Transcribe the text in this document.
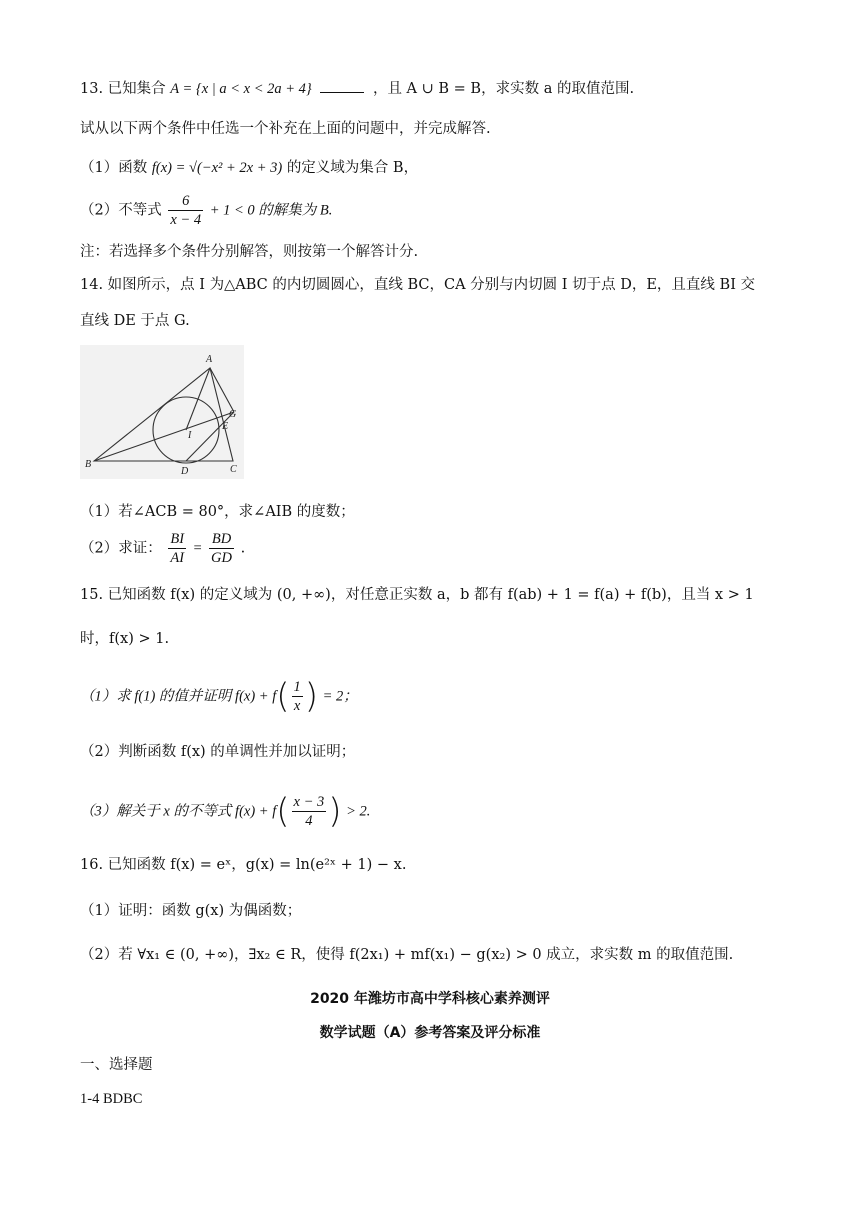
13. 已知集合 A = {x | a < x < 2a + 4}	，且 A ∪ B = B，求实数 a 的取值范围.
试从以下两个条件中任选一个补充在上面的问题中，并完成解答.
（1）函数 f(x) = √(−x² + 2x + 3) 的定义域为集合 B，
（2）不等式 $\frac{6}{x - 4} + 1 < 0$ 的解集为 B.
注：若选择多个条件分别解答，则按第一个解答计分.
14. 如图所示，点 I 为△ABC 的内切圆圆心，直线 BC，CA 分别与内切圆 I 切于点 D，E，且直线 BI 交
直线 DE 于点 G.
A
B	C
D
E
G
I
（1）若∠ACB = 80°，求∠AIB 的度数；
（2）求证： $\frac{BI}{AI} = \frac{BD}{GD}$ .
15. 已知函数 f(x) 的定义域为 (0, +∞)，对任意正实数 a，b 都有 f(ab) + 1 = f(a) + f(b)，且当 x > 1
时，f(x) > 1.
（1）求 f(1) 的值并证明 $f(x) + f( \frac{1}{x}$ ) = 2；
（2）判断函数 f(x) 的单调性并加以证明；
（3）解关于 x 的不等式 $f(x) + f( \frac{x - 3}{4}$ ) > 2.
16. 已知函数 f(x) = eˣ，g(x) = ln(e²ˣ + 1) − x.
（1）证明：函数 g(x) 为偶函数；
（2）若 ∀x₁ ∈ (0, +∞)，∃x₂ ∈ R，使得 f(2x₁) + mf(x₁) − g(x₂) > 0 成立，求实数 m 的取值范围.
2020 年潍坊市高中学科核心素养测评
数学试题（A）参考答案及评分标准
一、选择题
1-4 BDBC
